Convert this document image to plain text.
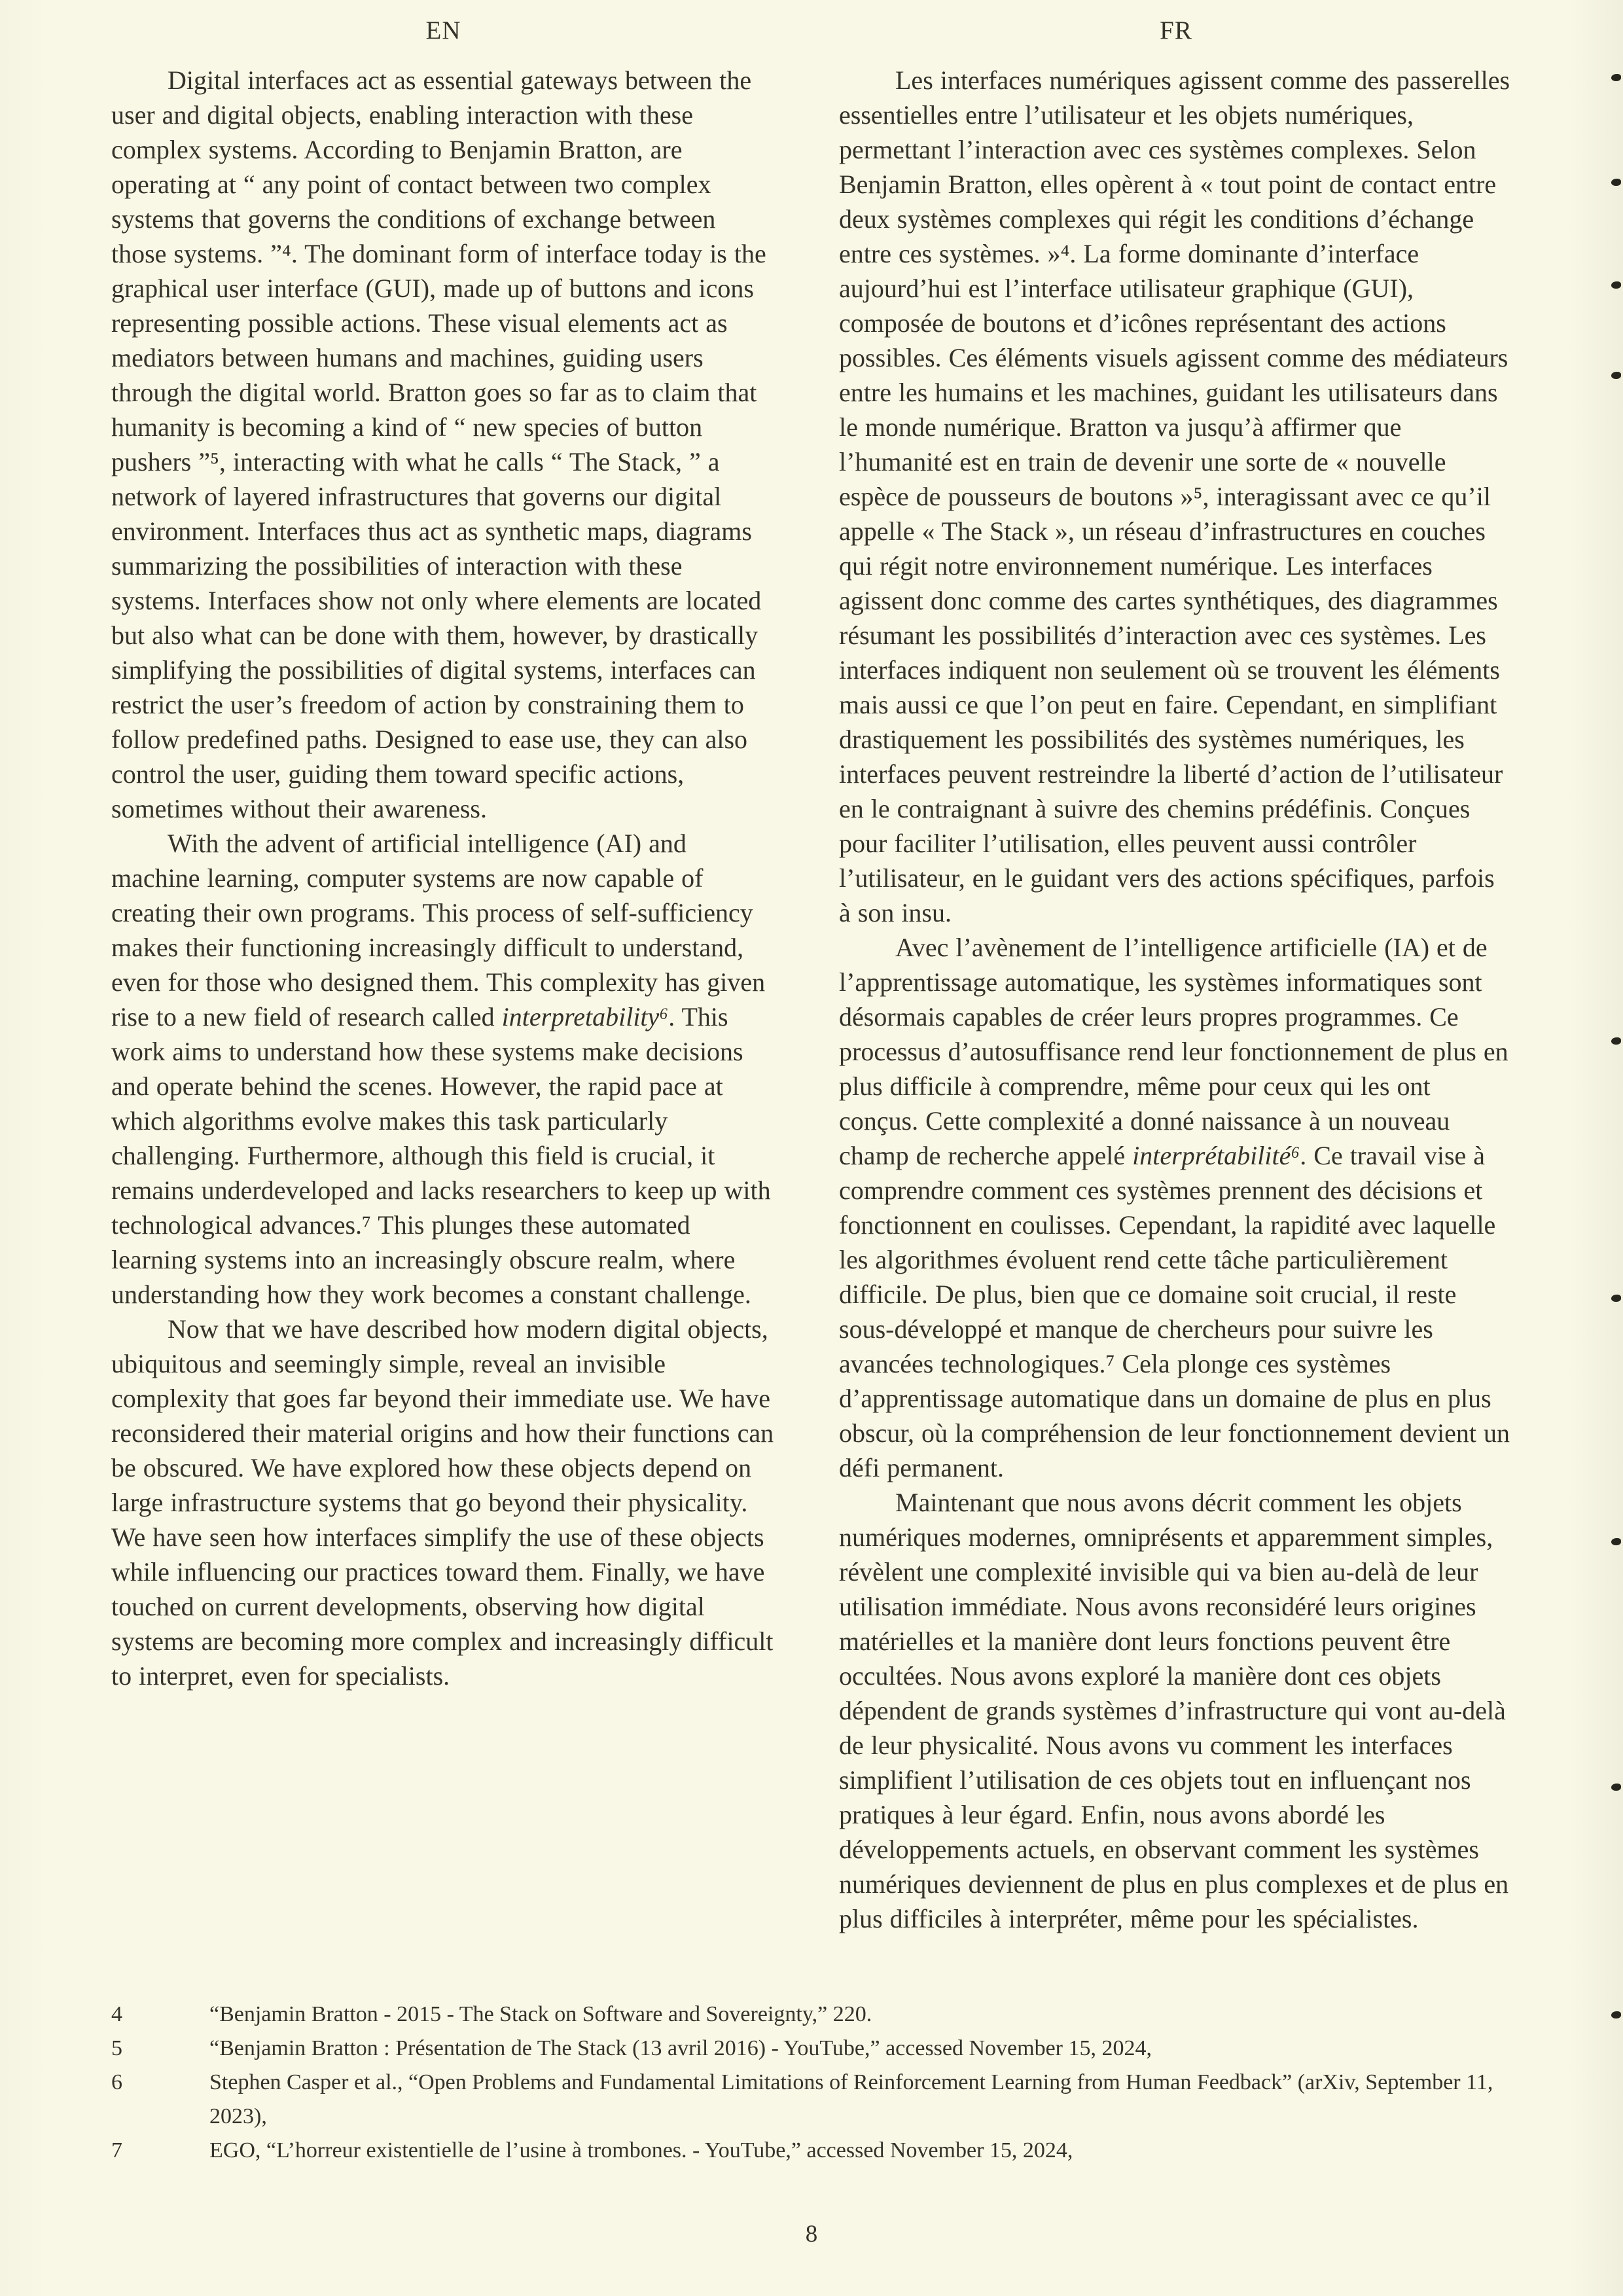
EN

Digital interfaces act as essential gateways between the user and digital objects, enabling interaction with these complex systems. According to Benjamin Bratton, are operating at “ any point of contact between two complex systems that governs the conditions of exchange between those systems. ”⁴. The dominant form of interface today is the graphical user interface (GUI), made up of buttons and icons representing possible actions. These visual elements act as mediators between humans and machines, guiding users through the digital world. Bratton goes so far as to claim that humanity is becoming a kind of “ new species of button pushers ”⁵, interacting with what he calls “ The Stack, ” a network of layered infrastructures that governs our digital environment. Interfaces thus act as synthetic maps, diagrams summarizing the possibilities of interaction with these systems. Interfaces show not only where elements are located but also what can be done with them, however, by drastically simplifying the possibilities of digital systems, interfaces can restrict the user’s freedom of action by constraining them to follow predefined paths. Designed to ease use, they can also control the user, guiding them toward specific actions, sometimes without their awareness.

With the advent of artificial intelligence (AI) and machine learning, computer systems are now capable of creating their own programs. This process of self-sufficiency makes their functioning increasingly difficult to understand, even for those who designed them. This complexity has given rise to a new field of research called interpretability⁶. This work aims to understand how these systems make decisions and operate behind the scenes. However, the rapid pace at which algorithms evolve makes this task particularly challenging. Furthermore, although this field is crucial, it remains underdeveloped and lacks researchers to keep up with technological advances.⁷ This plunges these automated learning systems into an increasingly obscure realm, where understanding how they work becomes a constant challenge.

Now that we have described how modern digital objects, ubiquitous and seemingly simple, reveal an invisible complexity that goes far beyond their immediate use. We have reconsidered their material origins and how their functions can be obscured. We have explored how these objects depend on large infrastructure systems that go beyond their physicality. We have seen how interfaces simplify the use of these objects while influencing our practices toward them. Finally, we have touched on current developments, observing how digital systems are becoming more complex and increasingly difficult to interpret, even for specialists.

FR

Les interfaces numériques agissent comme des passerelles essentielles entre l’utilisateur et les objets numériques, permettant l’interaction avec ces systèmes complexes. Selon Benjamin Bratton, elles opèrent à « tout point de contact entre deux systèmes complexes qui régit les conditions d’échange entre ces systèmes. »⁴. La forme dominante d’interface aujourd’hui est l’interface utilisateur graphique (GUI), composée de boutons et d’icônes représentant des actions possibles. Ces éléments visuels agissent comme des médiateurs entre les humains et les machines, guidant les utilisateurs dans le monde numérique. Bratton va jusqu’à affirmer que l’humanité est en train de devenir une sorte de « nouvelle espèce de pousseurs de boutons »⁵, interagissant avec ce qu’il appelle « The Stack », un réseau d’infrastructures en couches qui régit notre environnement numérique. Les interfaces agissent donc comme des cartes synthétiques, des diagrammes résumant les possibilités d’interaction avec ces systèmes. Les interfaces indiquent non seulement où se trouvent les éléments mais aussi ce que l’on peut en faire. Cependant, en simplifiant drastiquement les possibilités des systèmes numériques, les interfaces peuvent restreindre la liberté d’action de l’utilisateur en le contraignant à suivre des chemins prédéfinis. Conçues pour faciliter l’utilisation, elles peuvent aussi contrôler l’utilisateur, en le guidant vers des actions spécifiques, parfois à son insu.

Avec l’avènement de l’intelligence artificielle (IA) et de l’apprentissage automatique, les systèmes informatiques sont désormais capables de créer leurs propres programmes. Ce processus d’autosuffisance rend leur fonctionnement de plus en plus difficile à comprendre, même pour ceux qui les ont conçus. Cette complexité a donné naissance à un nouveau champ de recherche appelé interprétabilité⁶. Ce travail vise à comprendre comment ces systèmes prennent des décisions et fonctionnent en coulisses. Cependant, la rapidité avec laquelle les algorithmes évoluent rend cette tâche particulièrement difficile. De plus, bien que ce domaine soit crucial, il reste sous-développé et manque de chercheurs pour suivre les avancées technologiques.⁷ Cela plonge ces systèmes d’apprentissage automatique dans un domaine de plus en plus obscur, où la compréhension de leur fonctionnement devient un défi permanent.

Maintenant que nous avons décrit comment les objets numériques modernes, omniprésents et apparemment simples, révèlent une complexité invisible qui va bien au-delà de leur utilisation immédiate. Nous avons reconsidéré leurs origines matérielles et la manière dont leurs fonctions peuvent être occultées. Nous avons exploré la manière dont ces objets dépendent de grands systèmes d’infrastructure qui vont au-delà de leur physicalité. Nous avons vu comment les interfaces simplifient l’utilisation de ces objets tout en influençant nos pratiques à leur égard. Enfin, nous avons abordé les développements actuels, en observant comment les systèmes numériques deviennent de plus en plus complexes et de plus en plus difficiles à interpréter, même pour les spécialistes.

4	“Benjamin Bratton - 2015 - The Stack on Software and Sovereignty,” 220.
5	“Benjamin Bratton : Présentation de The Stack (13 avril 2016) - YouTube,” accessed November 15, 2024,
6	Stephen Casper et al., “Open Problems and Fundamental Limitations of Reinforcement Learning from Human Feedback” (arXiv, September 11, 2023),
7	EGO, “L’horreur existentielle de l’usine à trombones. - YouTube,” accessed November 15, 2024,
8
